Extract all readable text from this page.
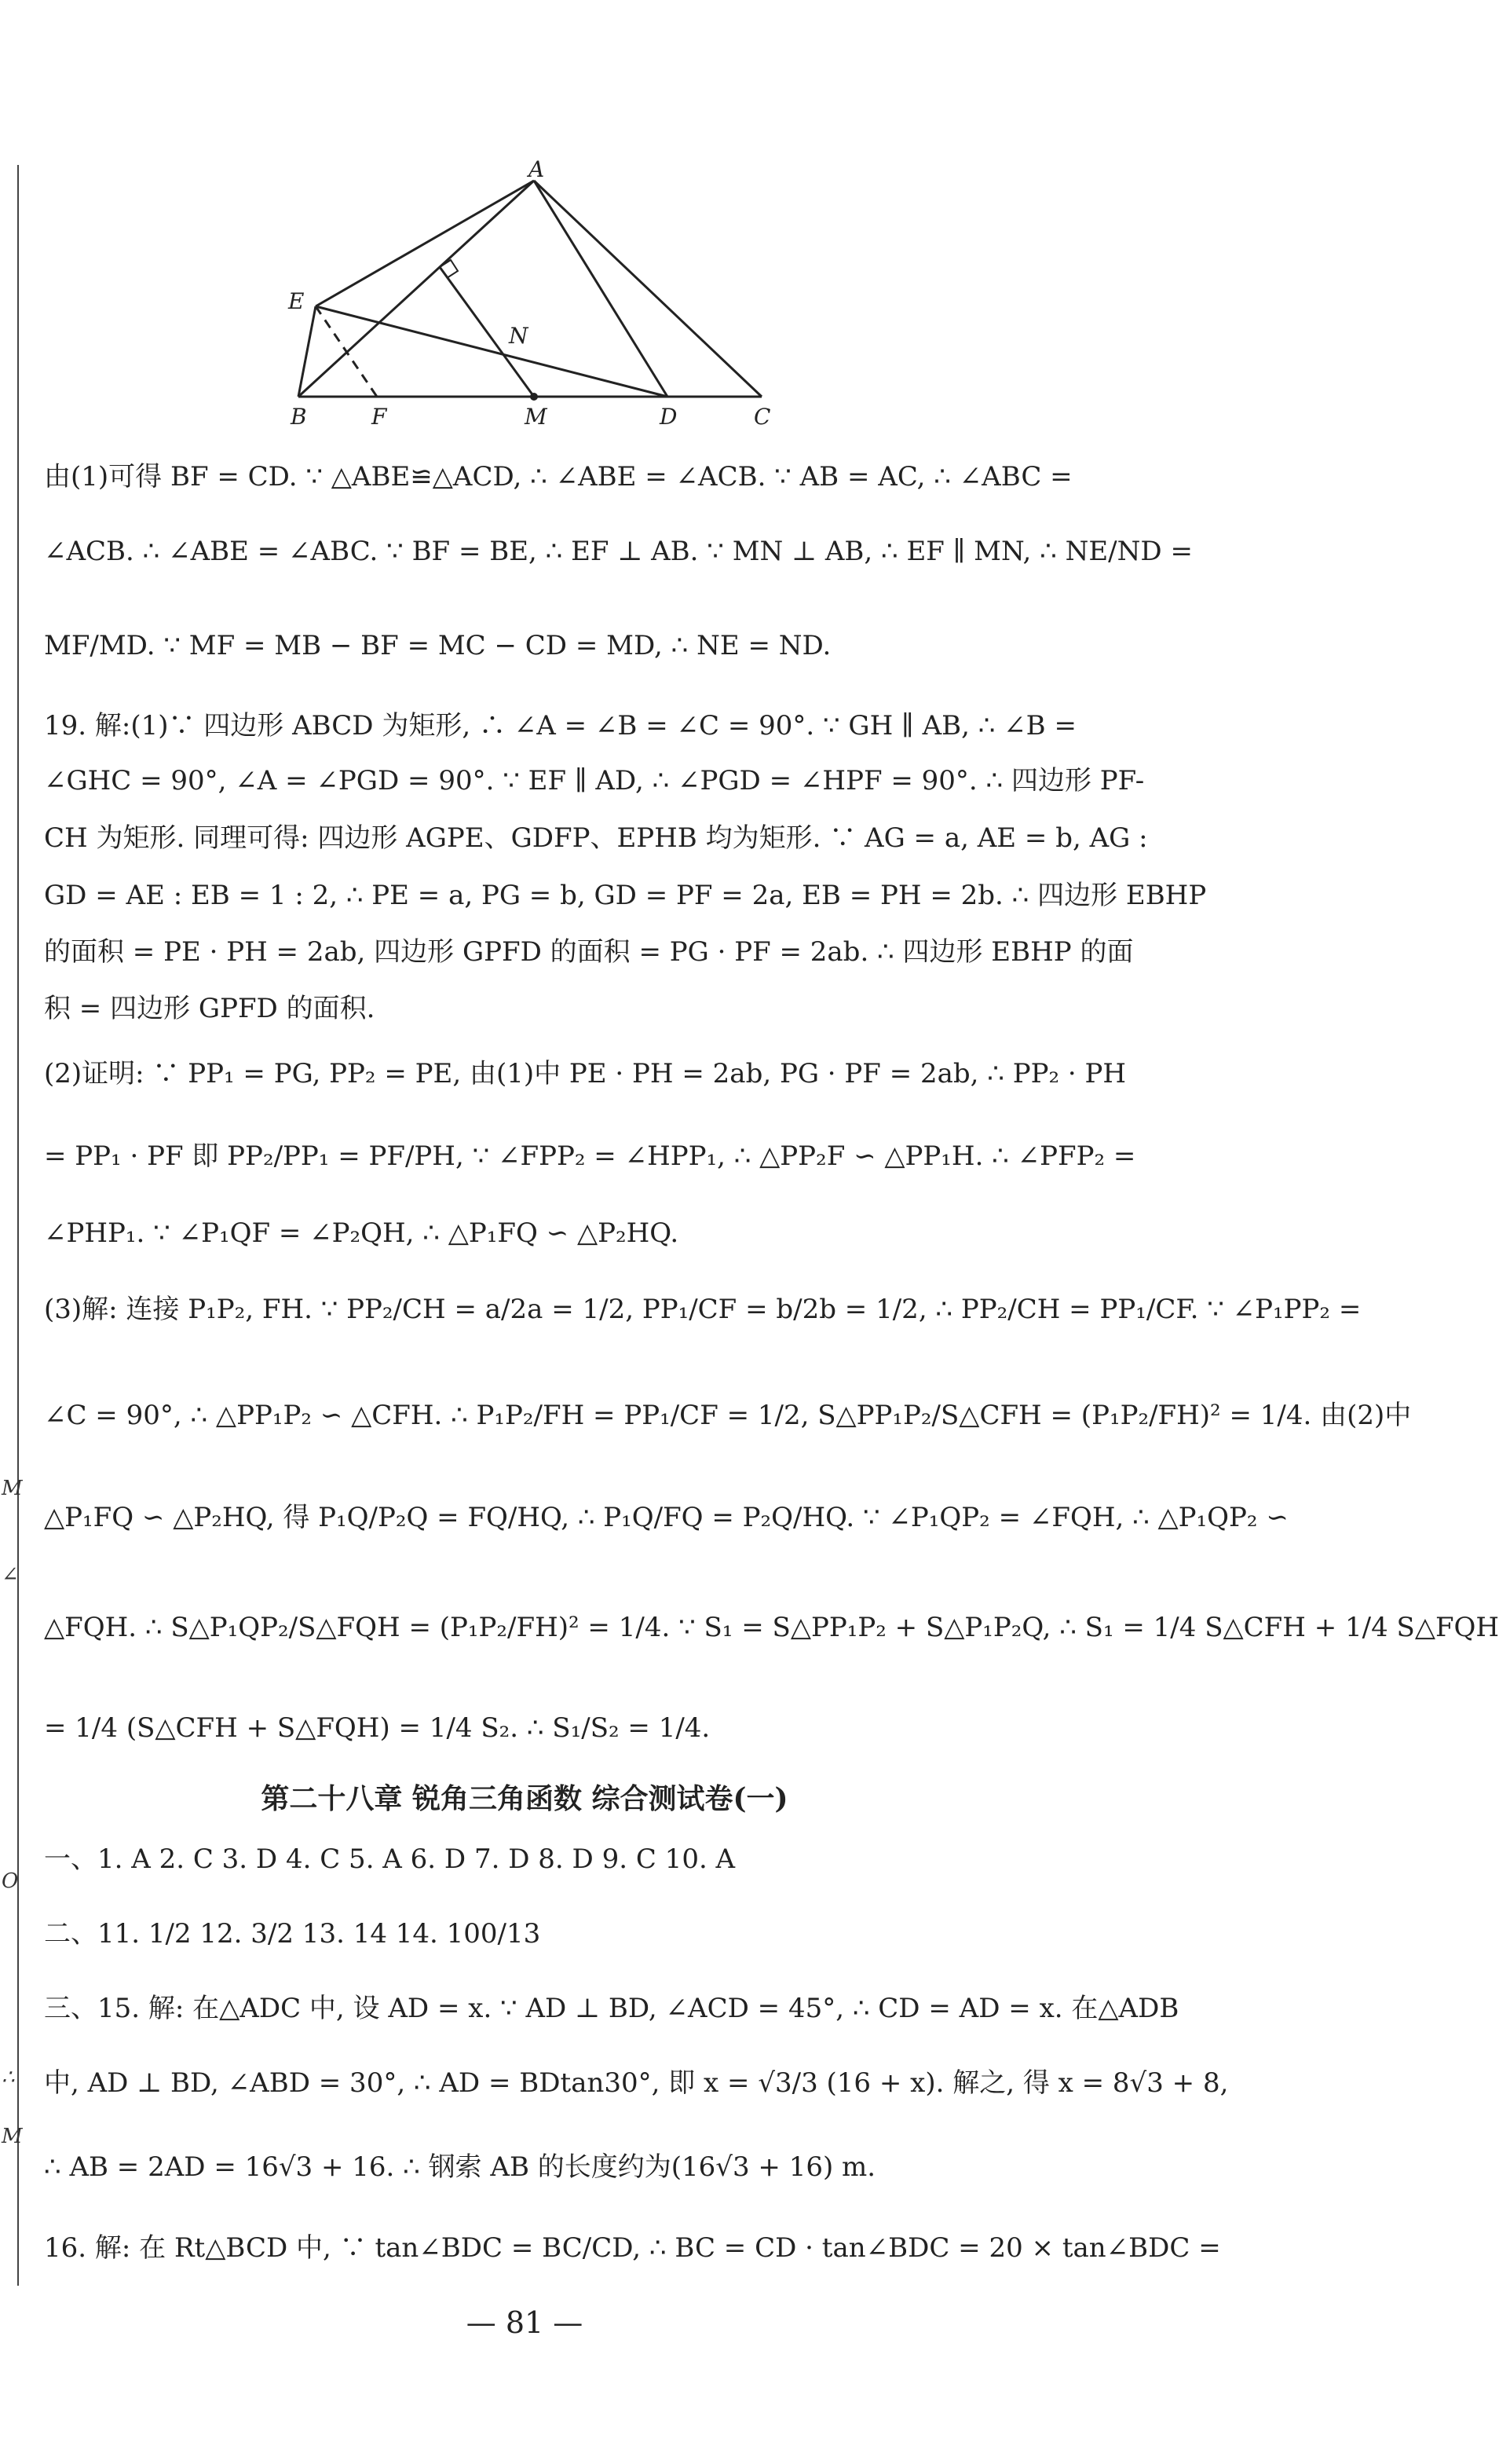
M
∠
O
∴
M
A
E
N
B	F	M	D	C
由(1)可得 BF = CD. ∵ △ABE≌△ACD, ∴ ∠ABE = ∠ACB. ∵ AB = AC, ∴ ∠ABC =
∠ACB. ∴ ∠ABE = ∠ABC. ∵ BF = BE, ∴ EF ⊥ AB. ∵ MN ⊥ AB, ∴ EF ∥ MN, ∴ NE/ND =
MF/MD. ∵ MF = MB − BF = MC − CD = MD, ∴ NE = ND.
19. 解:(1)∵ 四边形 ABCD 为矩形, ∴ ∠A = ∠B = ∠C = 90°. ∵ GH ∥ AB, ∴ ∠B =
∠GHC = 90°, ∠A = ∠PGD = 90°. ∵ EF ∥ AD, ∴ ∠PGD = ∠HPF = 90°. ∴ 四边形 PF-
CH 为矩形. 同理可得: 四边形 AGPE、GDFP、EPHB 均为矩形. ∵ AG = a, AE = b, AG :
GD = AE : EB = 1 : 2, ∴ PE = a, PG = b, GD = PF = 2a, EB = PH = 2b. ∴ 四边形 EBHP
的面积 = PE · PH = 2ab, 四边形 GPFD 的面积 = PG · PF = 2ab. ∴ 四边形 EBHP 的面
积 = 四边形 GPFD 的面积.
(2)证明: ∵ PP₁ = PG, PP₂ = PE, 由(1)中 PE · PH = 2ab, PG · PF = 2ab, ∴ PP₂ · PH
= PP₁ · PF 即 PP₂/PP₁ = PF/PH, ∵ ∠FPP₂ = ∠HPP₁, ∴ △PP₂F ∽ △PP₁H. ∴ ∠PFP₂ =
∠PHP₁. ∵ ∠P₁QF = ∠P₂QH, ∴ △P₁FQ ∽ △P₂HQ.
(3)解: 连接 P₁P₂, FH. ∵ PP₂/CH = a/2a = 1/2, PP₁/CF = b/2b = 1/2, ∴ PP₂/CH = PP₁/CF. ∵ ∠P₁PP₂ =
∠C = 90°, ∴ △PP₁P₂ ∽ △CFH. ∴ P₁P₂/FH = PP₁/CF = 1/2, S△PP₁P₂/S△CFH = (P₁P₂/FH)² = 1/4. 由(2)中
△P₁FQ ∽ △P₂HQ, 得 P₁Q/P₂Q = FQ/HQ, ∴ P₁Q/FQ = P₂Q/HQ. ∵ ∠P₁QP₂ = ∠FQH, ∴ △P₁QP₂ ∽
△FQH. ∴ S△P₁QP₂/S△FQH = (P₁P₂/FH)² = 1/4. ∵ S₁ = S△PP₁P₂ + S△P₁P₂Q, ∴ S₁ = 1/4 S△CFH + 1/4 S△FQH
= 1/4 (S△CFH + S△FQH) = 1/4 S₂. ∴ S₁/S₂ = 1/4.
第二十八章 锐角三角函数 综合测试卷(一)
一、1. A 2. C 3. D 4. C 5. A 6. D 7. D 8. D 9. C 10. A
二、11. 1/2 12. 3/2 13. 14 14. 100/13
三、15. 解: 在△ADC 中, 设 AD = x. ∵ AD ⊥ BD, ∠ACD = 45°, ∴ CD = AD = x. 在△ADB
中, AD ⊥ BD, ∠ABD = 30°, ∴ AD = BDtan30°, 即 x = √3/3 (16 + x). 解之, 得 x = 8√3 + 8,
∴ AB = 2AD = 16√3 + 16. ∴ 钢索 AB 的长度约为(16√3 + 16) m.
16. 解: 在 Rt△BCD 中, ∵ tan∠BDC = BC/CD, ∴ BC = CD · tan∠BDC = 20 × tan∠BDC =
— 81 —
